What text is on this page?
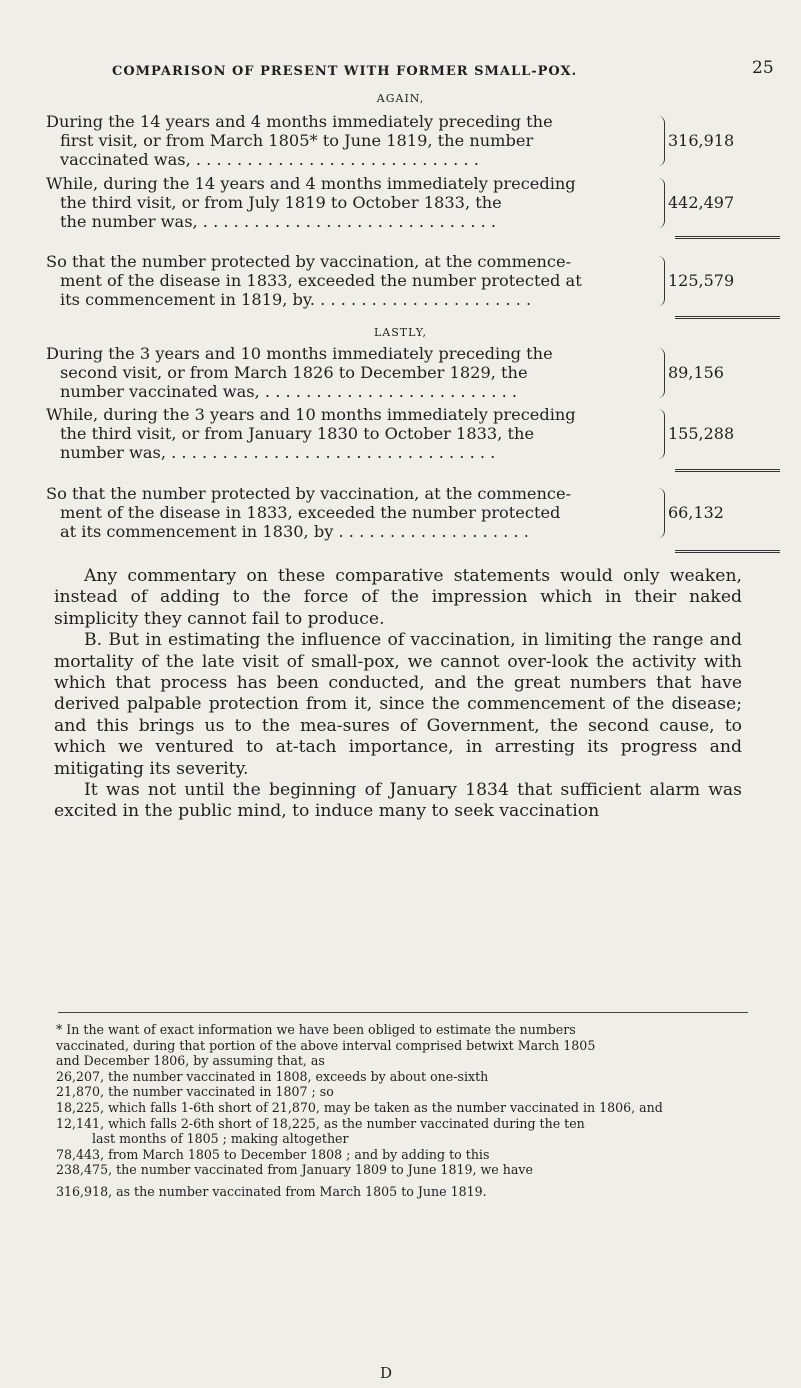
COMPARISON OF PRESENT WITH FORMER SMALL-POX.	25
AGAIN,
During the 14 years and 4 months immediately preceding the
first visit, or from March 1805* to June 1819, the number
vaccinated was, . . . . . . . . . . . . . . . . . . . . . . . . . . . .
316,918
While, during the 14 years and 4 months immediately preceding
the third visit, or from July 1819 to October 1833, the
the number was, . . . . . . . . . . . . . . . . . . . . . . . . . . . . .
442,497
So that the number protected by vaccination, at the commence-
ment of the disease in 1833, exceeded the number protected at
its commencement in 1819, by. . . . . . . . . . . . . . . . . . . . . .
125,579
LASTLY,
During the 3 years and 10 months immediately preceding the
second visit, or from March 1826 to December 1829, the
number vaccinated was, . . . . . . . . . . . . . . . . . . . . . . . . .
89,156
While, during the 3 years and 10 months immediately preceding
the third visit, or from January 1830 to October 1833, the
number was, . . . . . . . . . . . . . . . . . . . . . . . . . . . . . . . .
155,288
So that the number protected by vaccination, at the commence-
ment of the disease in 1833, exceeded the number protected
at its commencement in 1830, by . . . . . . . . . . . . . . . . . . .
66,132

Any commentary on these comparative statements would only weaken, instead of adding to the force of the impression which in their naked simplicity they cannot fail to produce.

B. But in estimating the influence of vaccination, in limiting the range and mortality of the late visit of small-pox, we cannot over-look the activity with which that process has been conducted, and the great numbers that have derived palpable protection from it, since the commencement of the disease; and this brings us to the mea-sures of Government, the second cause, to which we ventured to at-tach importance, in arresting its progress and mitigating its severity.

It was not until the beginning of January 1834 that sufficient alarm was excited in the public mind, to induce many to seek vaccination

* In the want of exact information we have been obliged to estimate the numbers
vaccinated, during that portion of the above interval comprised betwixt March 1805
and December 1806, by assuming that, as
26,207, the number vaccinated in 1808, exceeds by about one-sixth
21,870, the number vaccinated in 1807 ; so
18,225, which falls 1-6th short of 21,870, may be taken as the number vaccinated in 1806, and
12,141, which falls 2-6th short of 18,225, as the number vaccinated during the ten
last months of 1805 ; making altogether
78,443, from March 1805 to December 1808 ; and by adding to this
238,475, the number vaccinated from January 1809 to June 1819, we have
316,918, as the number vaccinated from March 1805 to June 1819.
D
